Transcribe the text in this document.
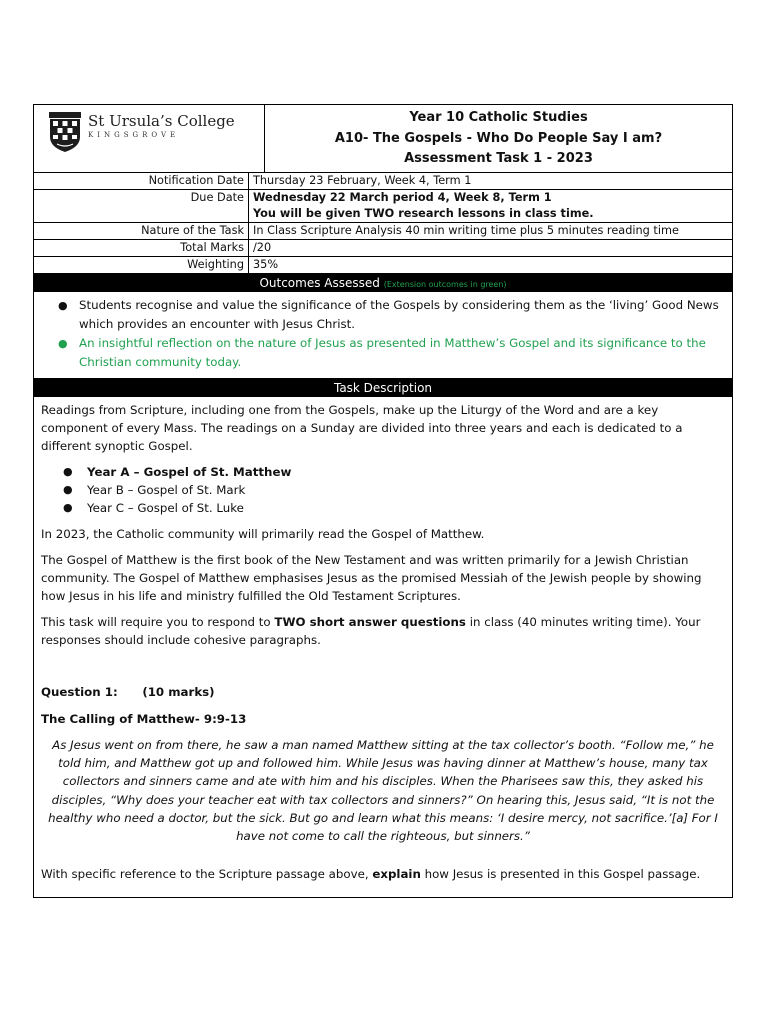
St Ursula’s College
KINGSGROVE
Year 10 Catholic Studies
A10- The Gospels - Who Do People Say I am?
Assessment Task 1 - 2023
Notification Date Thursday 23 February, Week 4, Term 1
Due Date Wednesday 22 March period 4, Week 8, Term 1
You will be given TWO research lessons in class time.
Nature of the Task In Class Scripture Analysis 40 min writing time plus 5 minutes reading time
Total Marks /20
Weighting 35%
Outcomes Assessed (Extension outcomes in green)
● Students recognise and value the significance of the Gospels by considering them as the ‘living’ Good News which provides an encounter with Jesus Christ.
● An insightful reflection on the nature of Jesus as presented in Matthew’s Gospel and its significance to the Christian community today.
Task Description

Readings from Scripture, including one from the Gospels, make up the Liturgy of the Word and are a key component of every Mass. The readings on a Sunday are divided into three years and each is dedicated to a different synoptic Gospel.

●	Year A – Gospel of St. Matthew
●	Year B – Gospel of St. Mark
●	Year C – Gospel of St. Luke

In 2023, the Catholic community will primarily read the Gospel of Matthew.

The Gospel of Matthew is the first book of the New Testament and was written primarily for a Jewish Christian community. The Gospel of Matthew emphasises Jesus as the promised Messiah of the Jewish people by showing how Jesus in his life and ministry fulfilled the Old Testament Scriptures.

This task will require you to respond to TWO short answer questions in class (40 minutes writing time). Your responses should include cohesive paragraphs.

Question 1: (10 marks)

The Calling of Matthew- 9:9-13

As Jesus went on from there, he saw a man named Matthew sitting at the tax collector’s booth. “Follow me,” he told him, and Matthew got up and followed him. While Jesus was having dinner at Matthew’s house, many tax collectors and sinners came and ate with him and his disciples. When the Pharisees saw this, they asked his disciples, “Why does your teacher eat with tax collectors and sinners?” On hearing this, Jesus said, “It is not the healthy who need a doctor, but the sick. But go and learn what this means: ‘I desire mercy, not sacrifice.’[a] For I have not come to call the righteous, but sinners.”

With specific reference to the Scripture passage above, explain how Jesus is presented in this Gospel passage.
